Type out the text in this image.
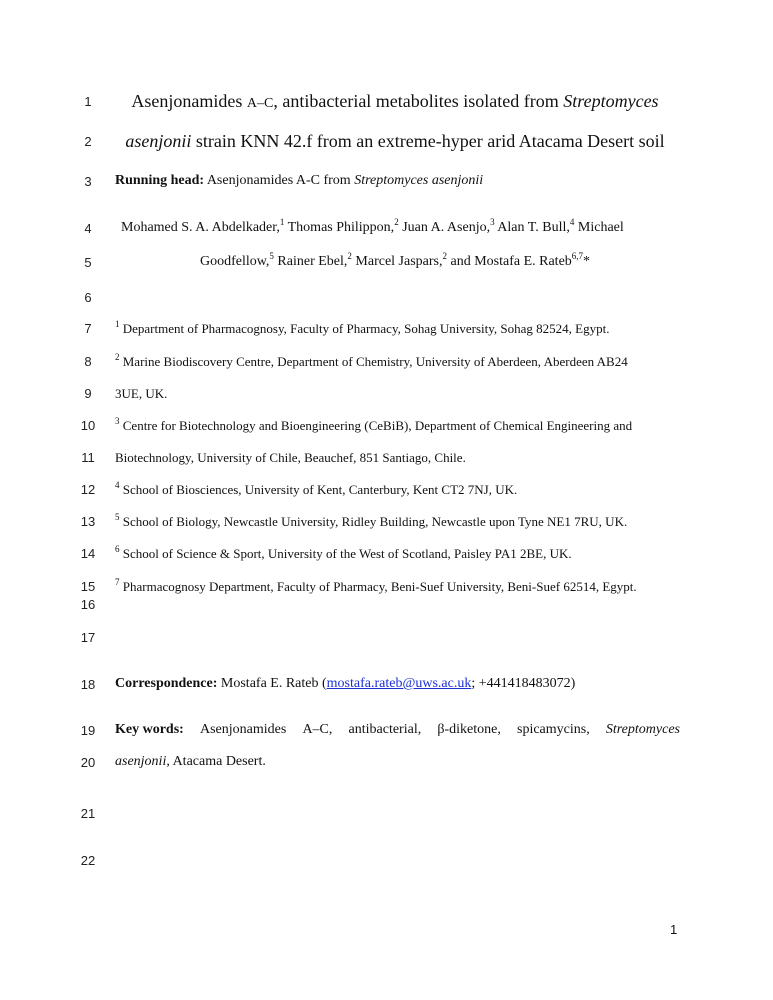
1
2
3
4
5
6
7
8
9
10
11
12
13
14
15
16
17
18
19
20
21
22
Asenjonamides A–C, antibacterial metabolites isolated from Streptomyces
asenjonii strain KNN 42.f from an extreme-hyper arid Atacama Desert soil
Running head: Asenjonamides A-C from Streptomyces asenjonii
Mohamed S. A. Abdelkader,$^1$ Thomas Philippon,$^2$ Juan A. Asenjo,$^3$ Alan T. Bull,$^4$ Michael
Goodfellow,$^5$ Rainer Ebel,$^2$ Marcel Jaspars,$^2$ and Mostafa E. Rateb$^{6,7}$*
$^1$ Department of Pharmacognosy, Faculty of Pharmacy, Sohag University, Sohag 82524, Egypt.
$^2$ Marine Biodiscovery Centre, Department of Chemistry, University of Aberdeen, Aberdeen AB24
3UE, UK.
$^3$ Centre for Biotechnology and Bioengineering (CeBiB), Department of Chemical Engineering and
Biotechnology, University of Chile, Beauchef, 851 Santiago, Chile.
$^4$ School of Biosciences, University of Kent, Canterbury, Kent CT2 7NJ, UK.
$^5$ School of Biology, Newcastle University, Ridley Building, Newcastle upon Tyne NE1 7RU, UK.
$^6$ School of Science & Sport, University of the West of Scotland, Paisley PA1 2BE, UK.
$^7$ Pharmacognosy Department, Faculty of Pharmacy, Beni-Suef University, Beni-Suef 62514, Egypt.
Correspondence: Mostafa E. Rateb (mostafa.rateb@uws.ac.uk; +441418483072)
Key words: Asenjonamides A–C, antibacterial, β-diketone, spicamycins, Streptomyces
asenjonii, Atacama Desert.
1
